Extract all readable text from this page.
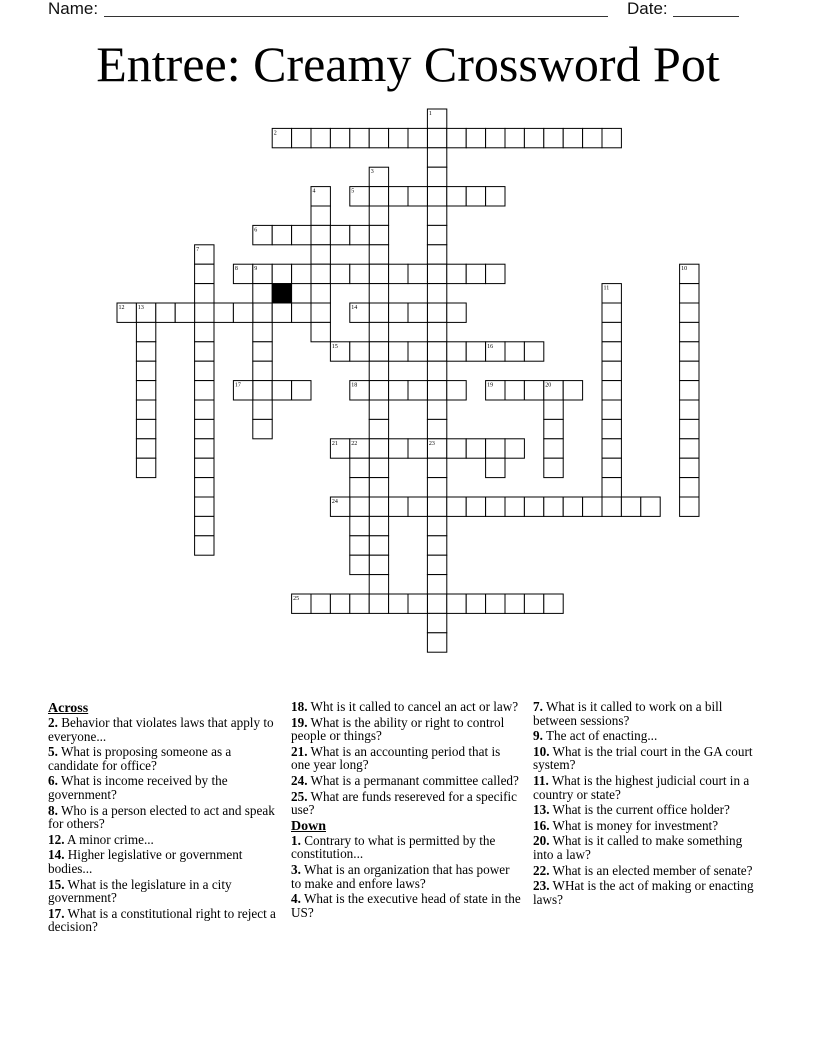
Name:	Date:
Entree: Creamy Crossword Pot
1
2
3
4	5
6
7
8	9	10
11
12 13	14
15	16
17	18	19	20
21 22	23
24
25
Across
2. Behavior that violates laws that apply to everyone...
5. What is proposing someone as a candidate for office?
6. What is income received by the government?
8. Who is a person elected to act and speak for others?
12. A minor crime...
14. Higher legislative or government bodies...
15. What is the legislature in a city government?
17. What is a constitutional right to reject a decision?
18. Wht is it called to cancel an act or law?
19. What is the ability or right to control people or things?
21. What is an accounting period that is one year long?
24. What is a permanant committee called?
25. What are funds resereved for a specific use?
Down
1. Contrary to what is permitted by the constitution...
3. What is an organization that has power to make and enfore laws?
4. What is the executive head of state in the US?
7. What is it called to work on a bill between sessions?
9. The act of enacting...
10. What is the trial court in the GA court system?
11. What is the highest judicial court in a country or state?
13. What is the current office holder?
16. What is money for investment?
20. What is it called to make something into a law?
22. What is an elected member of senate?
23. WHat is the act of making or enacting laws?
